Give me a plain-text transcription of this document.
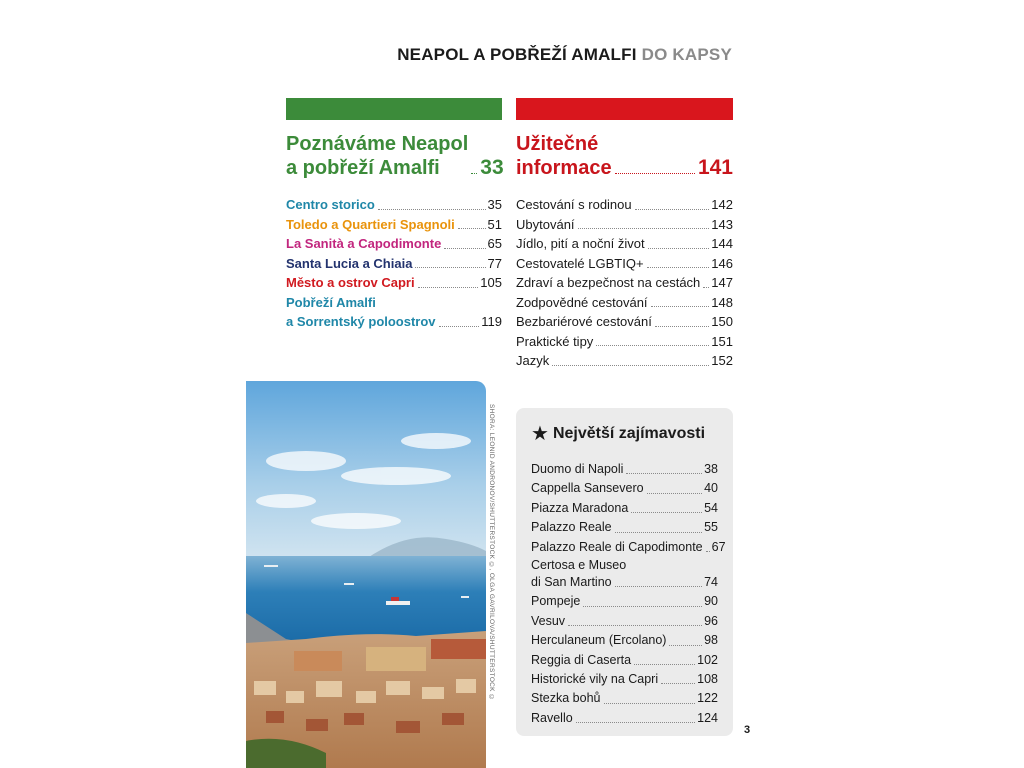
NEAPOL A POBŘEŽÍ AMALFI DO KAPSY
Poznáváme Neapol
a pobřeží Amalfi	33
Centro storico	35
Toledo a Quartieri Spagnoli	51
La Sanità a Capodimonte	65
Santa Lucia a Chiaia	77
Město a ostrov Capri	105
Pobřeží Amalfi
a Sorrentský poloostrov	119
Užitečné
informace	141
Cestování s rodinou	142
Ubytování	143
Jídlo, pití a noční život	144
Cestovatelé LGBTIQ+	146
Zdraví a bezpečnost na cestách 147
Zodpovědné cestování	148
Bezbariérové cestování	150
Praktické tipy	151
Jazyk	152
SHORA: LEONID ANDRONOV/SHUTTERSTOCK ©, OLGA GAVRILOVA/SHUTTERSTOCK © ★ Největší zajímavosti
Duomo di Napoli	38
Cappella Sansevero	40
Piazza Maradona	54
Palazzo Reale	55
Palazzo Reale di Capodimonte 67
Certosa e Museo
di San Martino	74
Pompeje	90
Vesuv	96
Herculaneum (Ercolano)	98
Reggia di Caserta	102
Historické vily na Capri	108
Stezka bohů	122
Ravello	124
3
